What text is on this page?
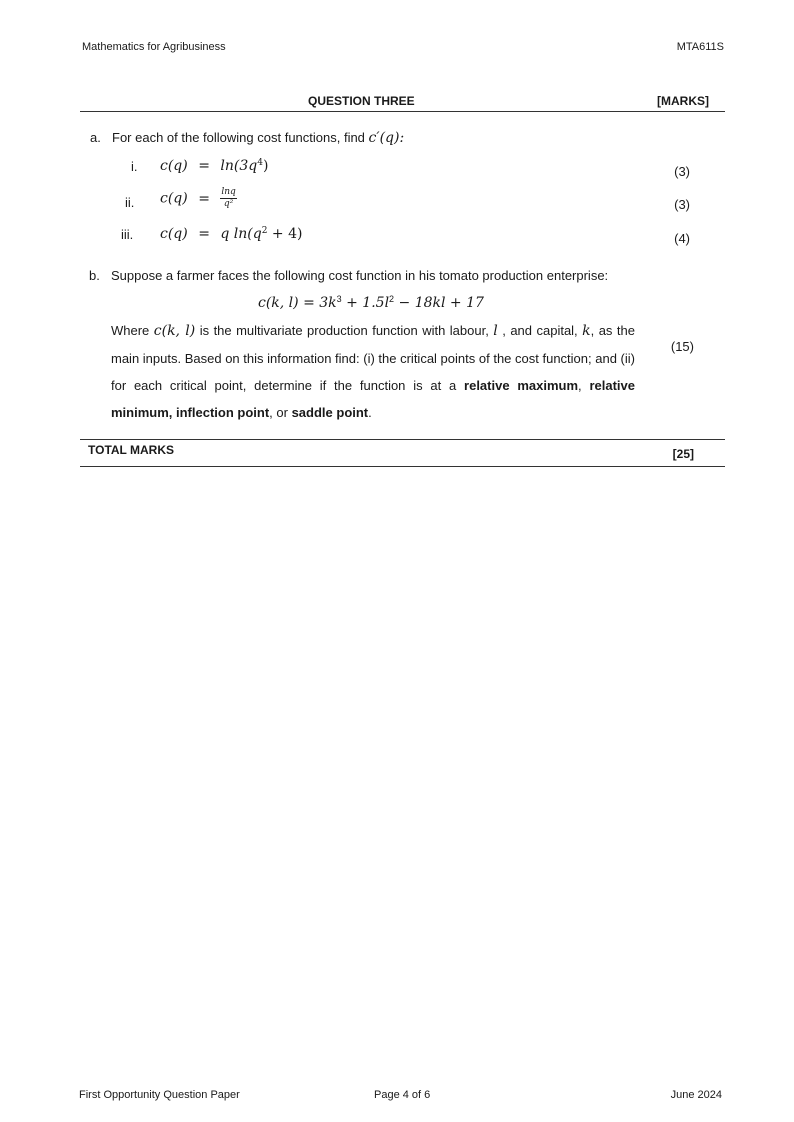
Mathematics for Agribusiness	MTA611S
QUESTION THREE	[MARKS]
a. For each of the following cost functions, find c′(q):
i. $c(q) = \ln(3q^4)$	(3)
ii. $c(q) = \frac{\ln q}{\text{q²}}$	(3)
iii. c(q) = q $\ln(q^2 + 4)$	(4)
b. Suppose a farmer faces the following cost function in his tomato production enterprise:
c(k, $l) = 3k^3 + 1.5l^2 - 18kl + 17$
Where c(k, l) is the multivariate production function with labour, l , and capital, k, as the main inputs. Based on this information find: (i) the critical points of the cost function; and (ii) for each critical point, determine if the function is at a relative maximum, relative minimum, inflection point, or saddle point.
(15)
TOTAL MARKS	[25]
First Opportunity Question Paper	Page 4 of 6	June 2024
